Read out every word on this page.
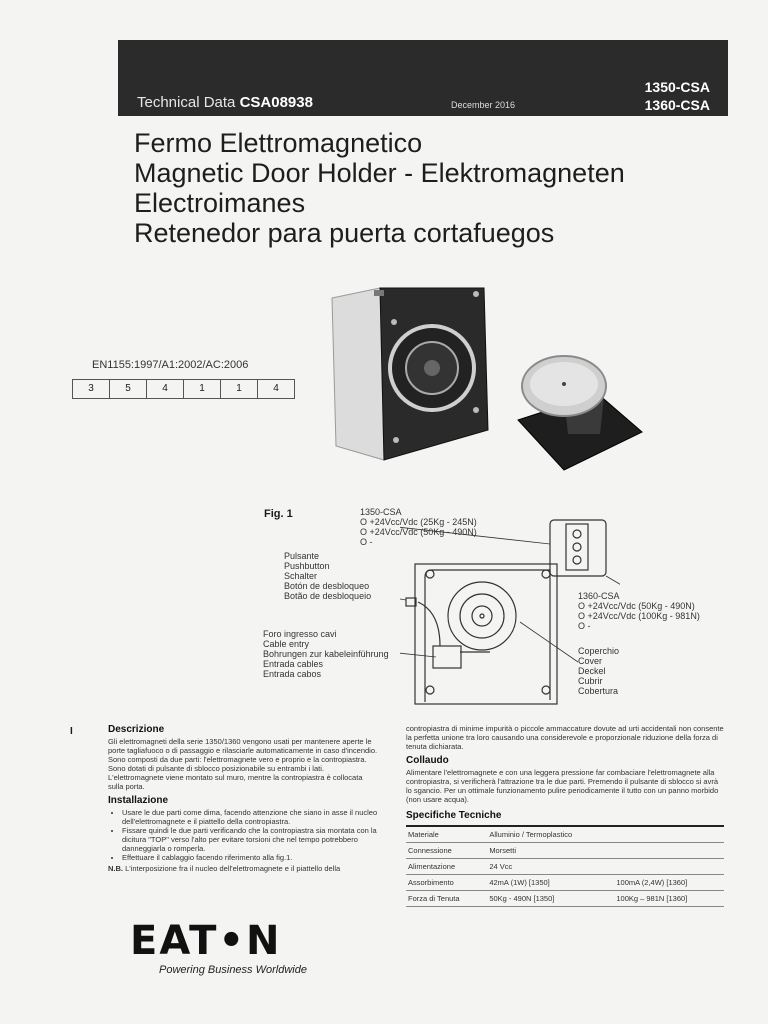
Technical Data CSA08938	December 2016
1350-CSA
1360-CSA
Fermo Elettromagnetico
Magnetic Door Holder - Elektromagneten
Electroimanes
Retenedor para puerta cortafuegos
EN1155:1997/A1:2002/AC:2006
3	5	4	1	1	4
Fig. 1	1350-CSA
O +24Vcc/Vdc (25Kg - 245N)
O +24Vcc/Vdc (50Kg - 490N)
O -
Pulsante
Pushbutton
Schalter
Botón de desbloqueo
Botão de desbloqueio
Foro ingresso cavi
Cable entry
Bohrungen zur kabeleinführung
Entrada cables
Entrada cabos
1360-CSA
O +24Vcc/Vdc (50Kg - 490N)
O +24Vcc/Vdc (100Kg - 981N)
O -
Coperchio
Cover
Deckel
Cubrir
Cobertura
I	Descrizione

Gli elettromagneti della serie 1350/1360 vengono usati per mantenere aperte le porte tagliafuoco o di passaggio e rilasciarle automaticamente in caso d'incendio. Sono composti da due parti: l'elettromagnete vero e proprio e la contropiastra. Sono dotati di pulsante di sblocco posizionabile su entrambi i lati. L'elettromagnete viene montato sul muro, mentre la contropiastra è collocata sulla porta.

Installazione
• Usare le due parti come dima, facendo attenzione che siano in asse il nucleo dell'elettromagnete e il piattello della contropiastra.
• Fissare quindi le due parti verificando che la contropiastra sia montata con la dicitura "TOP" verso l'alto per evitare torsioni che nel tempo potrebbero danneggiarla o romperla.
• Effettuare il cablaggio facendo riferimento alla fig.1.
N.B. L'interposizione fra il nucleo dell'elettromagnete e il piattello della

contropiastra di minime impurità o piccole ammaccature dovute ad urti accidentali non consente la perfetta unione tra loro causando una considerevole e proporzionale riduzione della forza di tenuta dichiarata.

Collaudo

Alimentare l'elettromagnete e con una leggera pressione far combaciare l'elettromagnete alla contropiastra, si verificherà l'attrazione tra le due parti. Premendo il pulsante di sblocco si avrà lo sgancio. Per un ottimale funzionamento pulire periodicamente il tutto con un panno morbido (non usare acqua).

Specifiche Tecniche
Materiale	Alluminio / Termoplastico	
Connessione	Morsetti	
Alimentazione	24 Vcc	
Assorbimento	42mA (1W) [1350]	100mA (2,4W) [1360]
Forza di Tenuta	50Kg - 490N [1350]	100Kg – 981N [1360]
EAT•N
Powering Business Worldwide
